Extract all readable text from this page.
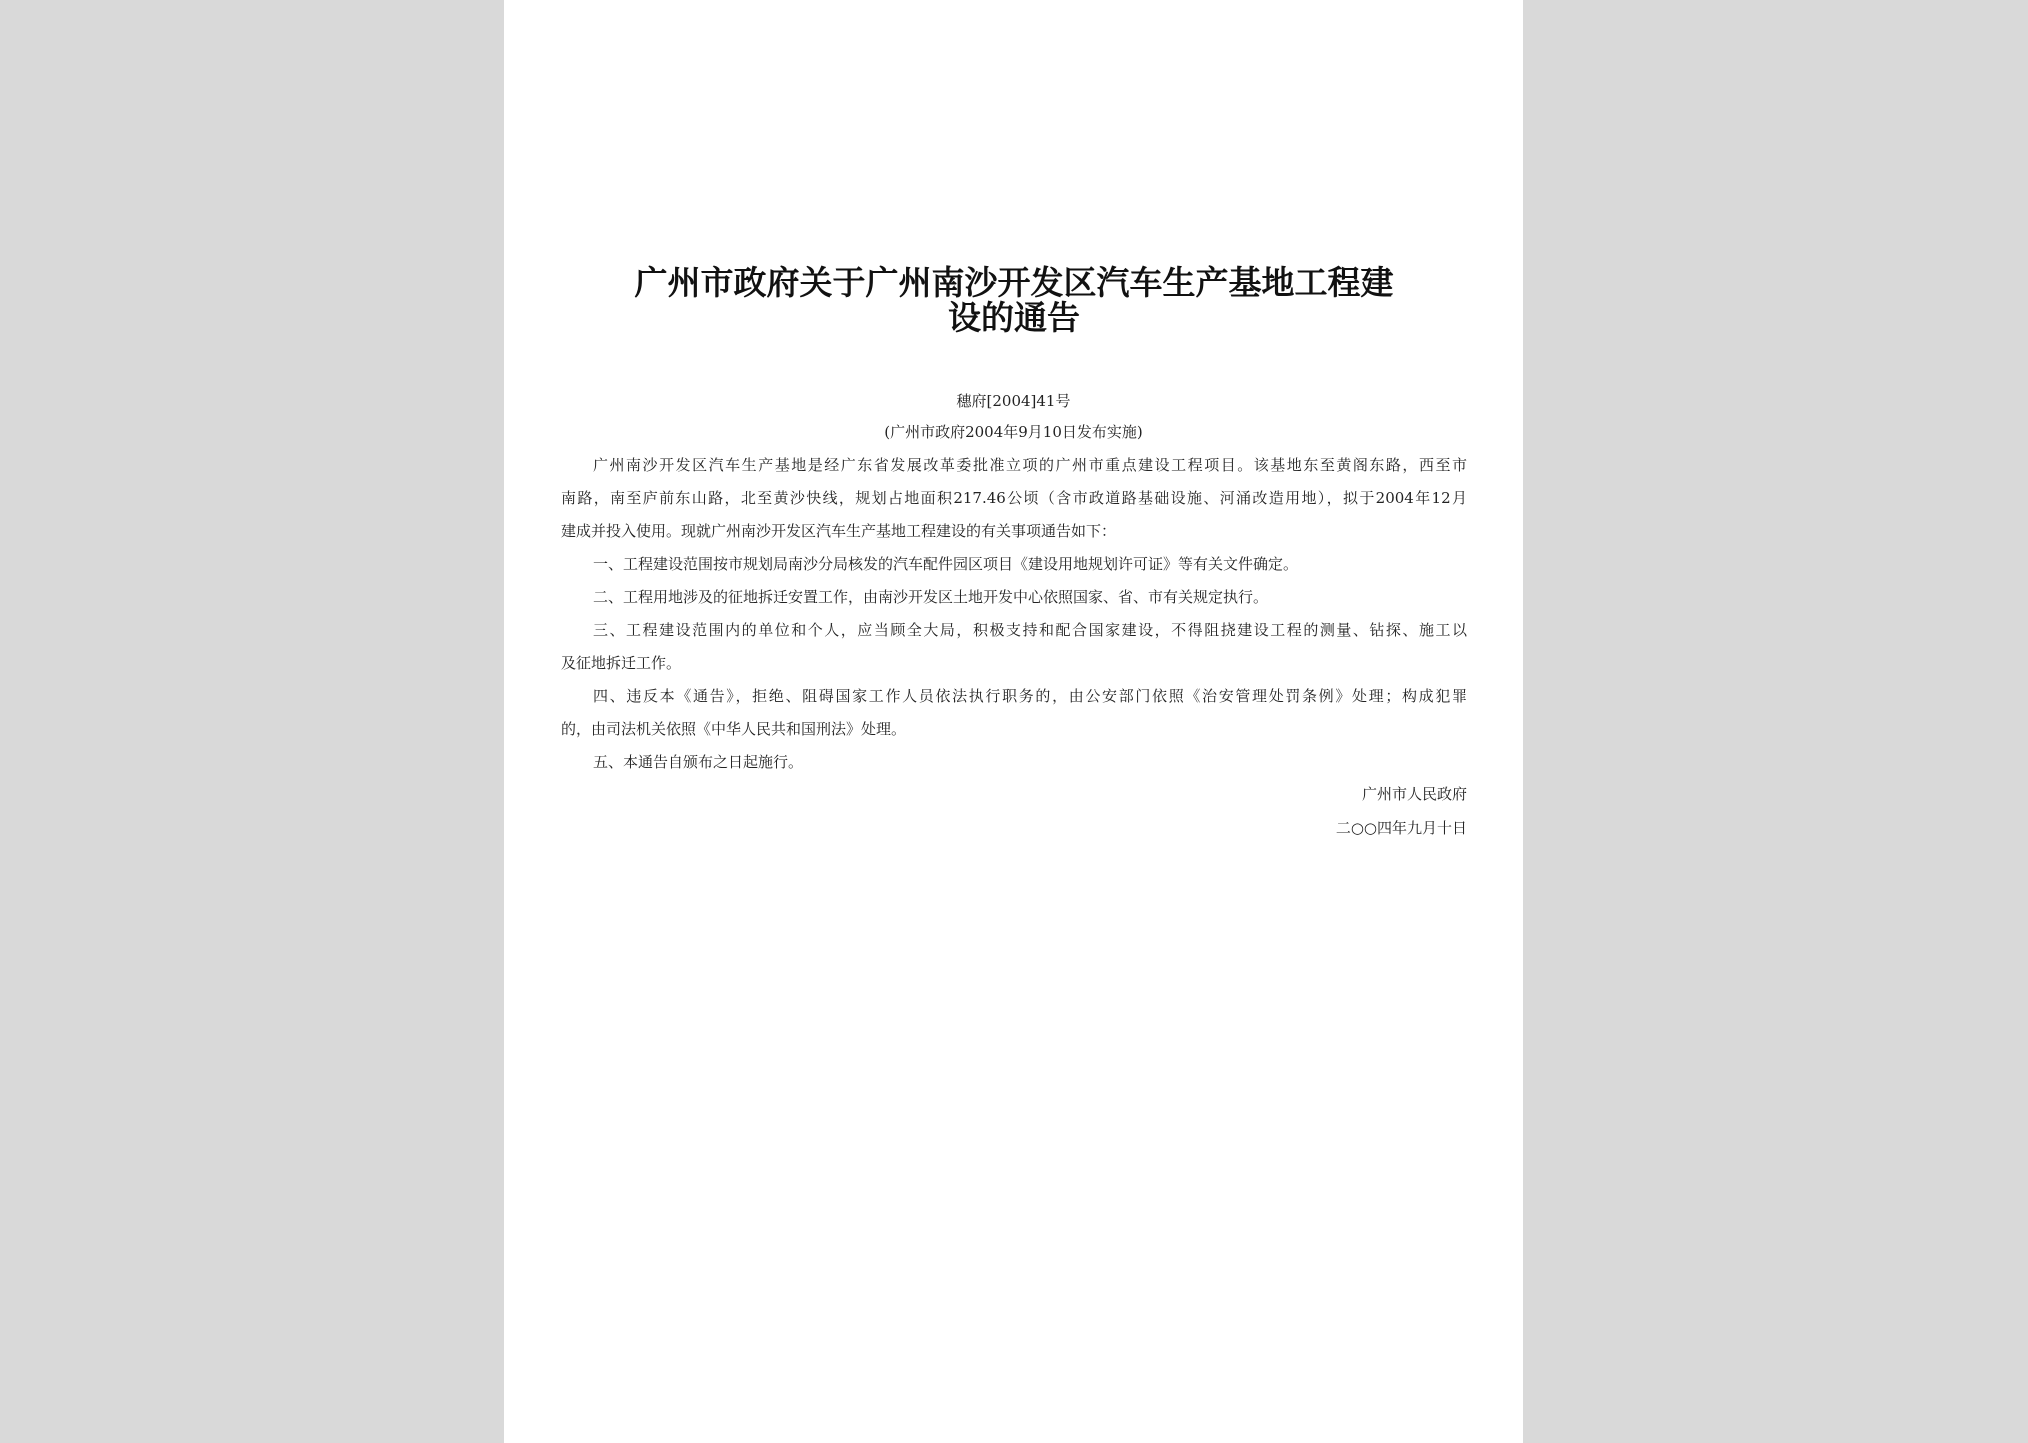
广州市政府关于广州南沙开发区汽车生产基地工程建
设的通告
穗府[2004]41号
(广州市政府2004年9月10日发布实施)
广州南沙开发区汽车生产基地是经广东省发展改革委批准立项的广州市重点建设工程项目。该基地东至黄阁东路，西至市
南路，南至庐前东山路，北至黄沙快线，规划占地面积217.46公顷（含市政道路基础设施、河涌改造用地），拟于2004年12月
建成并投入使用。现就广州南沙开发区汽车生产基地工程建设的有关事项通告如下：
一、工程建设范围按市规划局南沙分局核发的汽车配件园区项目《建设用地规划许可证》等有关文件确定。
二、工程用地涉及的征地拆迁安置工作，由南沙开发区土地开发中心依照国家、省、市有关规定执行。
三、工程建设范围内的单位和个人，应当顾全大局，积极支持和配合国家建设，不得阻挠建设工程的测量、钻探、施工以
及征地拆迁工作。
四、违反本《通告》，拒绝、阻碍国家工作人员依法执行职务的，由公安部门依照《治安管理处罚条例》处理；构成犯罪
的，由司法机关依照《中华人民共和国刑法》处理。
五、本通告自颁布之日起施行。
广州市人民政府
二○○四年九月十日
